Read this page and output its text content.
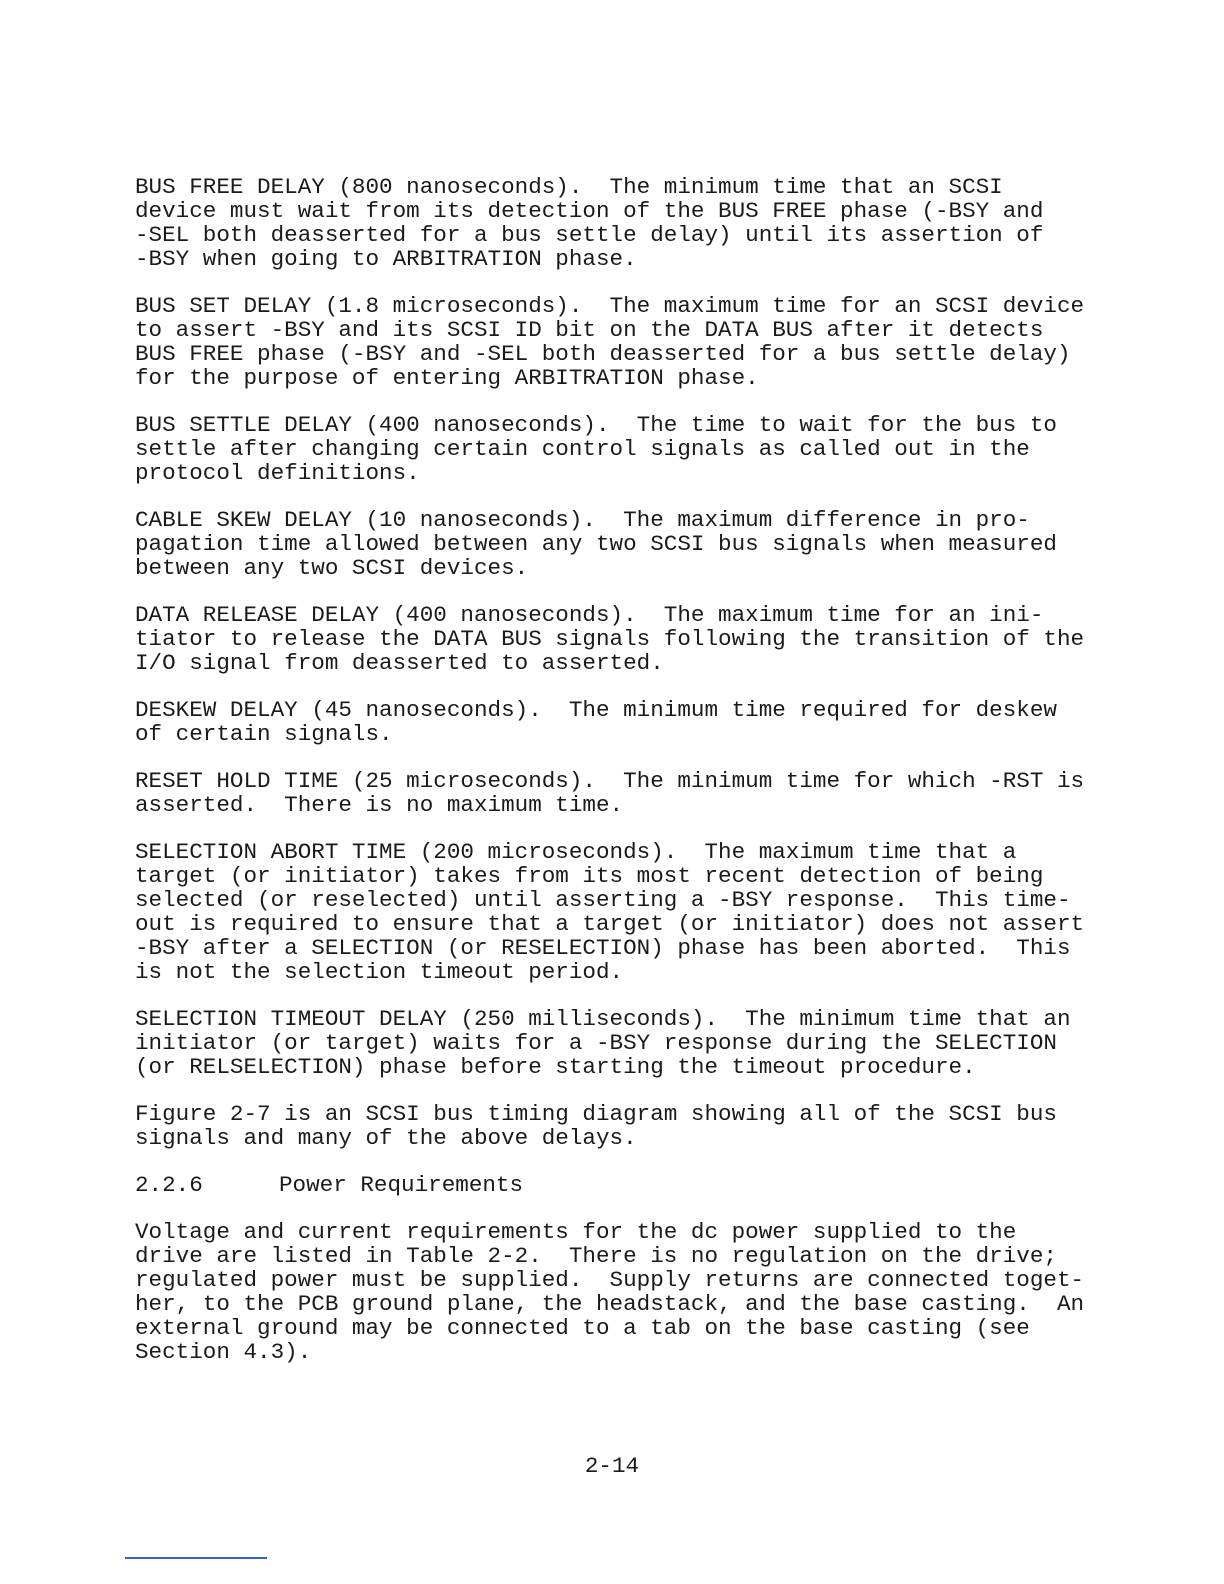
BUS FREE DELAY (800 nanoseconds).  The minimum time that an SCSI
device must wait from its detection of the BUS FREE phase (-BSY and
-SEL both deasserted for a bus settle delay) until its assertion of
-BSY when going to ARBITRATION phase.

BUS SET DELAY (1.8 microseconds).  The maximum time for an SCSI device
to assert -BSY and its SCSI ID bit on the DATA BUS after it detects
BUS FREE phase (-BSY and -SEL both deasserted for a bus settle delay)
for the purpose of entering ARBITRATION phase.

BUS SETTLE DELAY (400 nanoseconds).  The time to wait for the bus to
settle after changing certain control signals as called out in the
protocol definitions.

CABLE SKEW DELAY (10 nanoseconds).  The maximum difference in pro-
pagation time allowed between any two SCSI bus signals when measured
between any two SCSI devices.

DATA RELEASE DELAY (400 nanoseconds).  The maximum time for an ini-
tiator to release the DATA BUS signals following the transition of the
I/O signal from deasserted to asserted.

DESKEW DELAY (45 nanoseconds).  The minimum time required for deskew
of certain signals.

RESET HOLD TIME (25 microseconds).  The minimum time for which -RST is
asserted.  There is no maximum time.

SELECTION ABORT TIME (200 microseconds).  The maximum time that a
target (or initiator) takes from its most recent detection of being
selected (or reselected) until asserting a -BSY response.  This time-
out is required to ensure that a target (or initiator) does not assert
-BSY after a SELECTION (or RESELECTION) phase has been aborted.  This
is not the selection timeout period.

SELECTION TIMEOUT DELAY (250 milliseconds).  The minimum time that an
initiator (or target) waits for a -BSY response during the SELECTION
(or RELSELECTION) phase before starting the timeout procedure.

Figure 2-7 is an SCSI bus timing diagram showing all of the SCSI bus
signals and many of the above delays.

2.2.6	Power Requirements

Voltage and current requirements for the dc power supplied to the
drive are listed in Table 2-2.  There is no regulation on the drive;
regulated power must be supplied.  Supply returns are connected toget-
her, to the PCB ground plane, the headstack, and the base casting.  An
external ground may be connected to a tab on the base casting (see
Section 4.3).

2-14
